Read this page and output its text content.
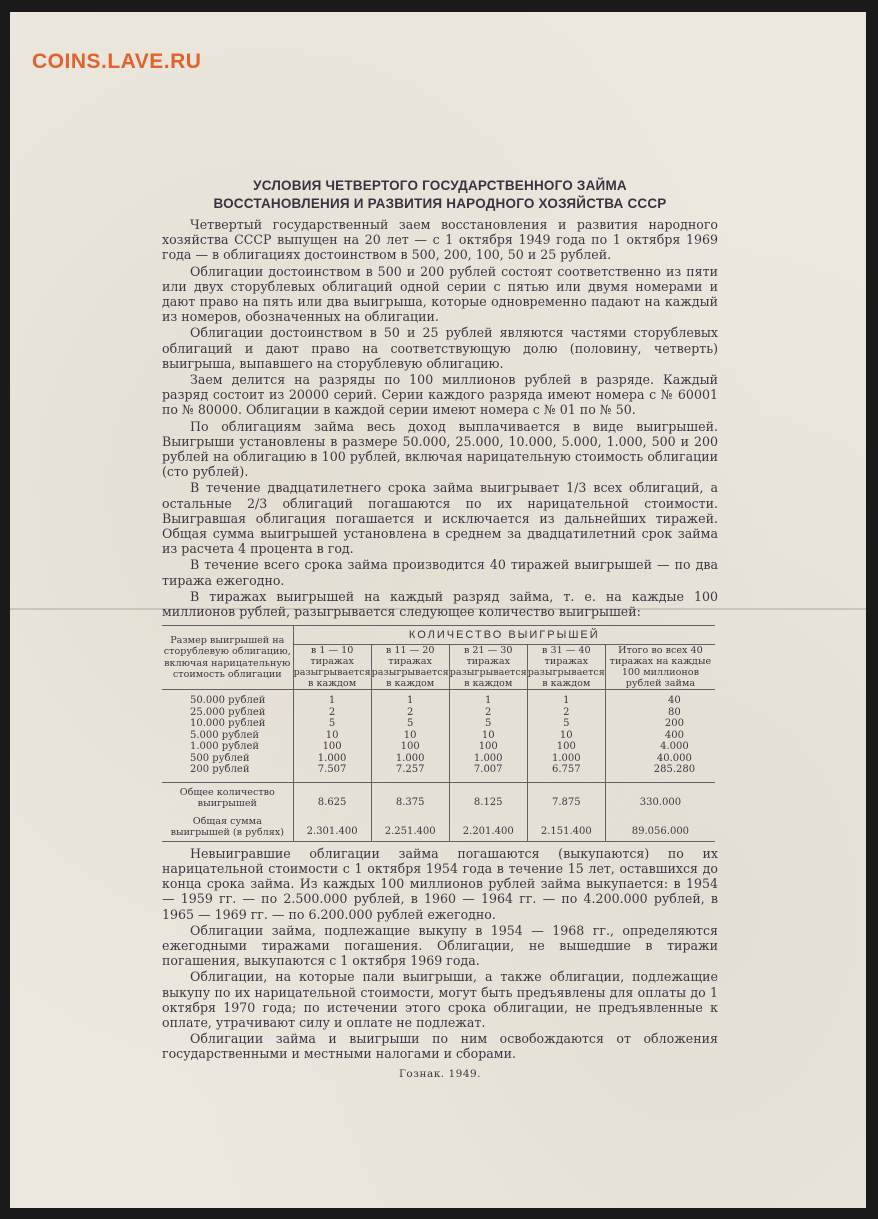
COINS.LAVE.RU
УСЛОВИЯ ЧЕТВЕРТОГО ГОСУДАРСТВЕННОГО ЗАЙМА
ВОССТАНОВЛЕНИЯ И РАЗВИТИЯ НАРОДНОГО ХОЗЯЙСТВА СССР

Четвертый государственный заем восстановления и развития народного хозяйства СССР выпущен на 20 лет — с 1 октября 1949 года по 1 октября 1969 года — в облигациях достоинством в 500, 200, 100, 50 и 25 рублей.

Облигации достоинством в 500 и 200 рублей состоят соответственно из пяти или двух сторублевых облигаций одной серии с пятью или двумя номерами и дают право на пять или два выигрыша, которые одновременно падают на каждый из номеров, обозначенных на облигации.

Облигации достоинством в 50 и 25 рублей являются частями сторублевых облигаций и дают право на соответствующую долю (половину, четверть) выигрыша, выпавшего на сторублевую облигацию.

Заем делится на разряды по 100 миллионов рублей в разряде. Каждый разряд состоит из 20000 серий. Серии каждого разряда имеют номера с № 60001 по № 80000. Облигации в каждой серии имеют номера с № 01 по № 50.

По облигациям займа весь доход выплачивается в виде выигрышей. Выигрыши установлены в размере 50.000, 25.000, 10.000, 5.000, 1.000, 500 и 200 рублей на облигацию в 100 рублей, включая нарицательную стоимость облигации (сто рублей).

В течение двадцатилетнего срока займа выигрывает 1/3 всех облигаций, а остальные 2/3 облигаций погашаются по их нарицательной стоимости. Выигравшая облигация погашается и исключается из дальнейших тиражей. Общая сумма выигрышей установлена в среднем за двадцатилетний срок займа из расчета 4 процента в год.

В течение всего срока займа производится 40 тиражей выигрышей — по два тиража ежегодно.

В тиражах выигрышей на каждый разряд займа, т. е. на каждые 100 миллионов рублей, разыгрывается следующее количество выигрышей:

Размер выигрышей на сторублевую облигацию, включая нарицательную стоимость облигации	КОЛИЧЕСТВО ВЫИГРЫШЕЙ				
	в 1 — 10 тиражах разыгрывается в каждом	в 11 — 20 тиражах разыгрывается в каждом	в 21 — 30 тиражах разыгрывается в каждом	в 31 — 40 тиражах разыгрывается в каждом	Итого во всех 40 тиражах на каждые 100 миллионов рублей займа

50.000 рублей	1	1	1	1	40
25.000 рублей	2	2	2	2	80
10.000 рублей	5	5	5	5	200
5.000 рублей	10	10	10	10	400
1.000 рублей	100	100	100	100	4.000
500 рублей	1.000	1.000	1.000	1.000	40.000
200 рублей	7.507	7.257	7.007	6.757	285.280

Общее количество выигрышей	8.625	8.375	8.125	7.875	330.000
Общая сумма выигрышей (в рублях)	2.301.400	2.251.400	2.201.400	2.151.400	89.056.000

Невыигравшие облигации займа погашаются (выкупаются) по их нарицательной стоимости с 1 октября 1954 года в течение 15 лет, оставшихся до конца срока займа. Из каждых 100 миллионов рублей займа выкупается: в 1954 — 1959 гг. — по 2.500.000 рублей, в 1960 — 1964 гг. — по 4.200.000 рублей, в 1965 — 1969 гг. — по 6.200.000 рублей ежегодно.

Облигации займа, подлежащие выкупу в 1954 — 1968 гг., определяются ежегодными тиражами погашения. Облигации, не вышедшие в тиражи погашения, выкупаются с 1 октября 1969 года.

Облигации, на которые пали выигрыши, а также облигации, подлежащие выкупу по их нарицательной стоимости, могут быть предъявлены для оплаты до 1 октября 1970 года; по истечении этого срока облигации, не предъявленные к оплате, утрачивают силу и оплате не подлежат.

Облигации займа и выигрыши по ним освобождаются от обложения государственными и местными налогами и сборами.

Гознак. 1949.
